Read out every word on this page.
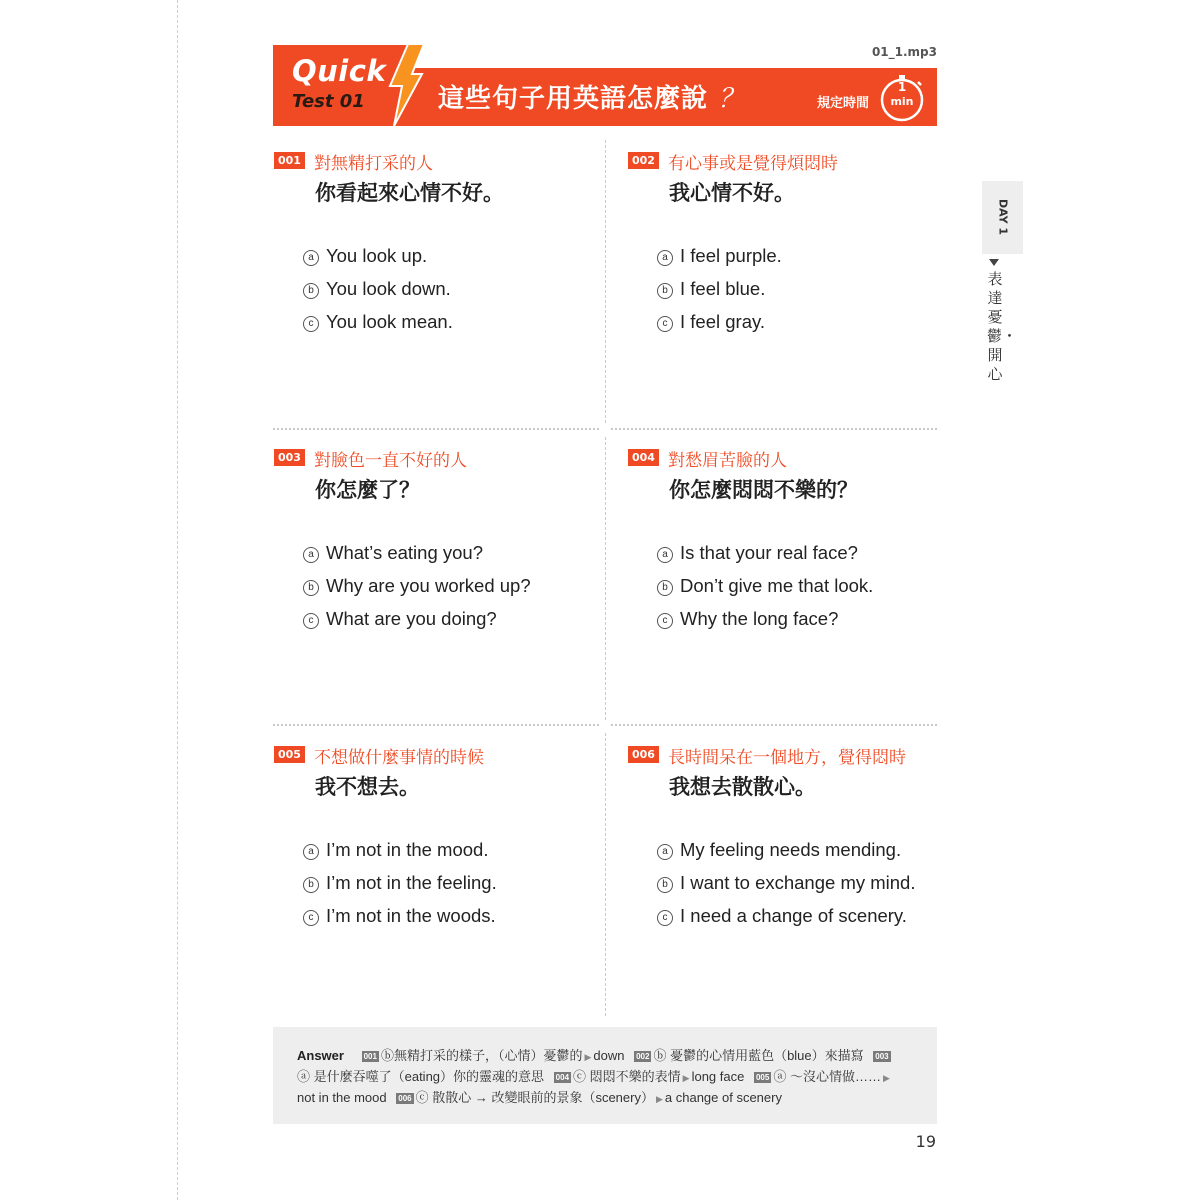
Quick
Test 01	這些句子用英語怎麼說 ？	規定時間
1
min
01_1.mp3
DAY 1
表達憂鬱・開心
001 對無精打采的人
你看起來心情不好。
a You look up.
b You look down.
c You look mean.
002 有心事或是覺得煩悶時
我心情不好。
a I feel purple.
b I feel blue.
c I feel gray.
003 對臉色一直不好的人
你怎麼了？
a What’s eating you?
b Why are you worked up?
c What are you doing?
004 對愁眉苦臉的人
你怎麼悶悶不樂的？
a Is that your real face?
b Don’t give me that look.
c Why the long face?
005 不想做什麼事情的時候
我不想去。
a I’m not in the mood.
b I’m not in the feeling.
c I’m not in the woods.
006 長時間呆在一個地方，覺得悶時
我想去散散心。
a My feeling needs mending.
b I want to exchange my mind.
c I need a change of scenery.
Answer 001 ⓑ無精打采的樣子，（心情）憂鬱的 ▶ down 002 ⓑ 憂鬱的心情用藍色（blue）來描寫 003
ⓐ 是什麼吞噬了（eating）你的靈魂的意思 004 ⓒ 悶悶不樂的表情 ▶ long face 005 ⓐ ～沒心情做…… ▶
not in the mood 006 ⓒ 散散心 → 改變眼前的景象（scenery） ▶ a change of scenery
19
